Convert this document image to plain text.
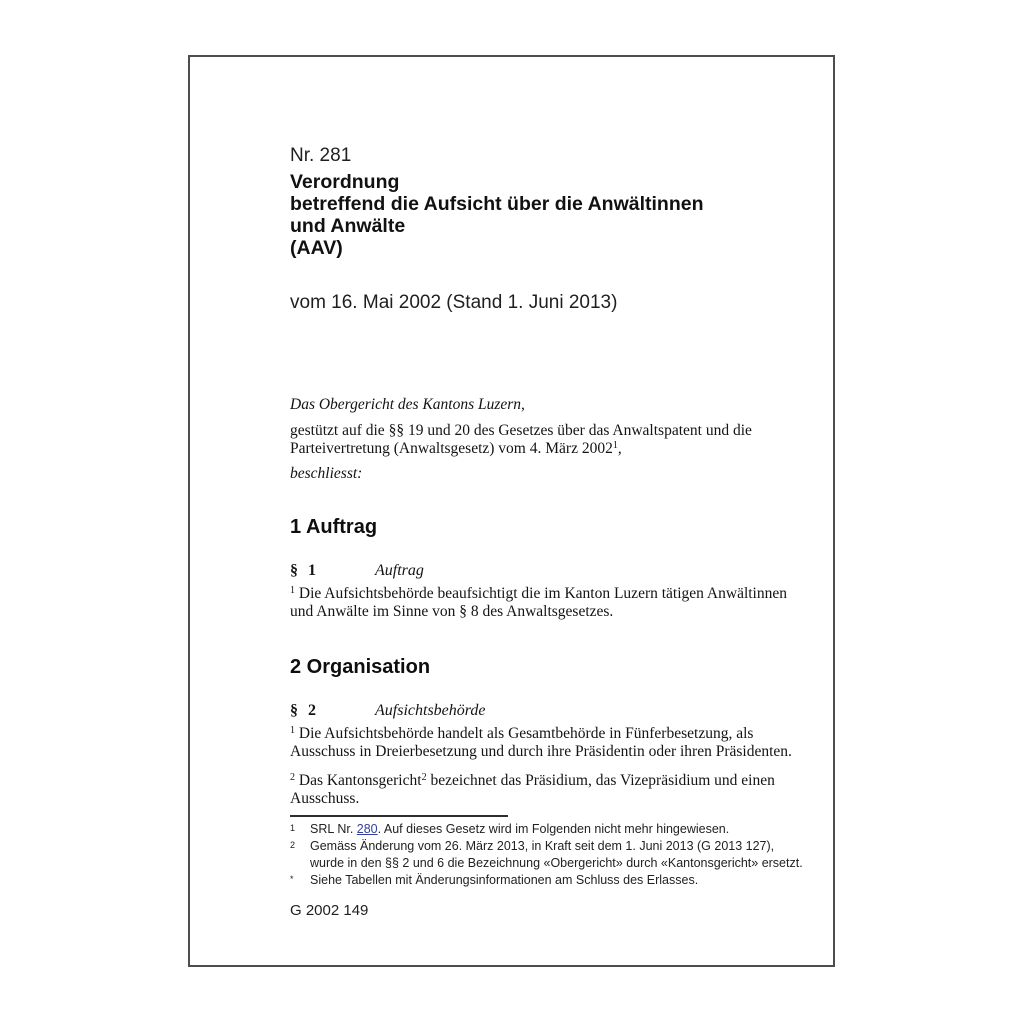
Nr. 281
Verordnung
betreffend die Aufsicht über die Anwältinnen
und Anwälte
(AAV)
vom 16. Mai 2002 (Stand 1. Juni 2013)
Das Obergericht des Kantons Luzern,
gestützt auf die §§ 19 und 20 des Gesetzes über das Anwaltspatent und die Parteivertretung (Anwaltsgesetz) vom 4. März 2002$^1$,
beschliesst:
1 Auftrag
§ 1	Auftrag
$^1$ Die Aufsichtsbehörde beaufsichtigt die im Kanton Luzern tätigen Anwältinnen und Anwälte im Sinne von § 8 des Anwaltsgesetzes.
2 Organisation
§ 2	Aufsichtsbehörde
$^1$ Die Aufsichtsbehörde handelt als Gesamtbehörde in Fünferbesetzung, als Ausschuss in Dreierbesetzung und durch ihre Präsidentin oder ihren Präsidenten.
$^2$ Das Kantonsgericht$^2$ bezeichnet das Präsidium, das Vizepräsidium und einen Ausschuss.
1	SRL Nr. 280. Auf dieses Gesetz wird im Folgenden nicht mehr hingewiesen.
2	Gemäss Änderung vom 26. März 2013, in Kraft seit dem 1. Juni 2013 (G 2013 127), wurde in den §§ 2 und 6 die Bezeichnung «Obergericht» durch «Kantonsgericht» ersetzt.
*	Siehe Tabellen mit Änderungsinformationen am Schluss des Erlasses.
G 2002 149
